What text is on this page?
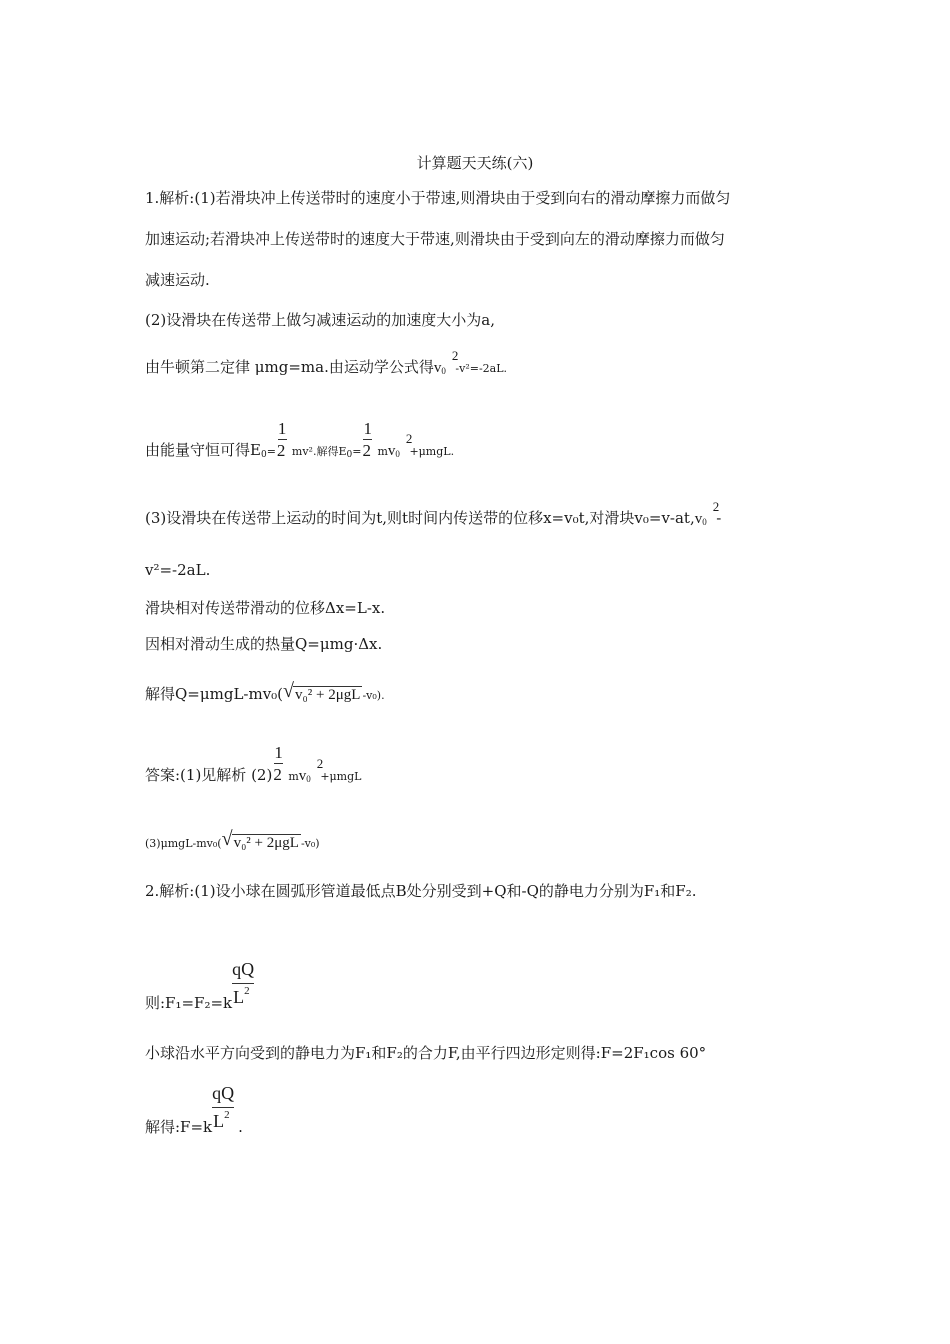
计算题天天练(六)
1.解析:(1)若滑块冲上传送带时的速度小于带速,则滑块由于受到向右的滑动摩擦力而做匀
加速运动;若滑块冲上传送带时的速度大于带速,则滑块由于受到向左的滑动摩擦力而做匀
减速运动.
(2)设滑块在传送带上做匀减速运动的加速度大小为a,
由牛顿第二定律 μmg=ma.由运动学公式得$v_0$
2
-v²=-2aL.
由能量守恒可得$E_0= \frac{1}{2} mv^2$.解得$E_0= \frac{1}{2} mv_0$
2
+μmgL.
(3)设滑块在传送带上运动的时间为t,则t时间内传送带的位移x=v₀t,对滑块$v_0=v-at,v_0$
2
-
v²=-2aL.
滑块相对传送带滑动的位移Δx=L-x.
因相对滑动生成的热量Q=μmg·Δx.
解得Q=μmgL-mv₀( √ v₀² + 2μgL -v₀).
答案:(1)见解析 $(2) \frac{1}{2} mv_0$
2
+μmgL
(3)μmgL-mv₀( √ v₀² + 2μgL -v₀)
2.解析:(1)设小球在圆弧形管道最低点B处分别受到+Q和-Q的静电力分别为F₁和F₂.
则:F₁=F₂=k $\frac{qQ}{L^2}$
小球沿水平方向受到的静电力为F₁和F₂的合力F,由平行四边形定则得:F=2F₁cos 60°
解得:F=k $\frac{qQ}{L^2}$ .
